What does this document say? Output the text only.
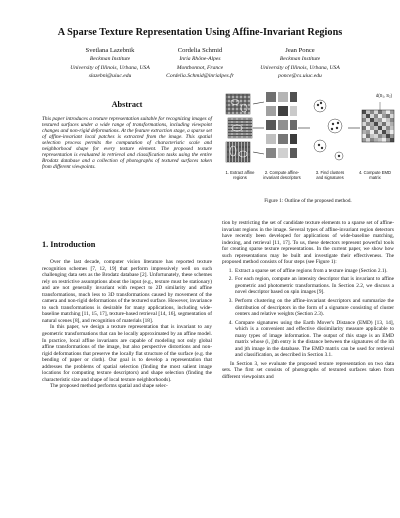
A Sparse Texture Representation Using Affine-Invariant Regions
Svetlana Lazebnik
Beckman Institute
University of Illinois, Urbana, USA
slazebni@uiuc.edu
Cordelia Schmid
Inria Rhône-Alpes
Montbonnot, France
Cordelia.Schmid@inrialpes.fr
Jean Ponce
Beckman Institute
University of Illinois, Urbana, USA
ponce@cs.uiuc.edu
Abstract
This paper introduces a texture representation suitable for recognizing images of textured surfaces under a wide range of transformations, including viewpoint changes and non-rigid deformations. At the feature extraction stage, a sparse set of affine-invariant local patches is extracted from the image. This spatial selection process permits the computation of characteristic scale and neighborhood shape for every texture element. The proposed texture representation is evaluated in retrieval and classification tasks using the entire Brodatz database and a collection of photographs of textured surfaces taken from different viewpoints.
1. Introduction

Over the last decade, computer vision literature has reported texture recognition schemes [7, 12, 19] that perform impressively well on such challenging data sets as the Brodatz database [2]. Unfortunately, these schemes rely on restrictive assumptions about the input (e.g., texture must be stationary) and are not generally invariant with respect to 2D similarity and affine transformations, much less to 3D transformations caused by movement of the camera and non-rigid deformations of the textured surface. However, invariance to such transformations is desirable for many applications, including wide-baseline matching [11, 15, 17], texture-based retrieval [14, 16], segmentation of natural scenes [8], and recognition of materials [18].

In this paper, we design a texture representation that is invariant to any geometric transformations that can be locally approximated by an affine model. In practice, local affine invariants are capable of modeling not only global affine transformations of the image, but also perspective distortions and non-rigid deformations that preserve the locally flat structure of the surface (e.g. the bending of paper or cloth). Our goal is to develop a representation that addresses the problems of spatial selection (finding the most salient image locations for computing texture descriptors) and shape selection (finding the characteristic size and shape of local texture neighborhoods).

The proposed method performs spatial and shape selec-

1. Extract affine
regions
2. Compute affine-
invariant descriptors
3. Find clusters
and signatures
4. Compute EMD
matrix
d(S₁, S₂)
Figure 1: Outline of the proposed method.

tion by restricting the set of candidate texture elements to a sparse set of affine-invariant regions in the image. Several types of affine-invariant region detectors have recently been developed for applications of wide-baseline matching, indexing, and retrieval [11, 17]. To us, these detectors represent powerful tools for creating sparse texture representations. In the current paper, we show how such representations may be built and investigate their effectiveness. The proposed method consists of four steps (see Figure 1):

1. Extract a sparse set of affine regions from a texture image (Section 2.1).
2. For each region, compute an intensity descriptor that is invariant to affine geometric and photometric transformations. In Section 2.2, we discuss a novel descriptor based on spin images [9].
3. Perform clustering on the affine-invariant descriptors and summarize the distribution of descriptors in the form of a signature consisting of cluster centers and relative weights (Section 2.3).
4. Compare signatures using the Earth Mover's Distance (EMD) [13, 14], which is a convenient and effective dissimilarity measure applicable to many types of image information. The output of this stage is an EMD matrix whose (i, j)th entry is the distance between the signatures of the ith and jth image in the database. The EMD matrix can be used for retrieval and classification, as described in Section 3.1.

In Section 3, we evaluate the proposed texture representation on two data sets. The first set consists of photographs of textured surfaces taken from different viewpoints and
